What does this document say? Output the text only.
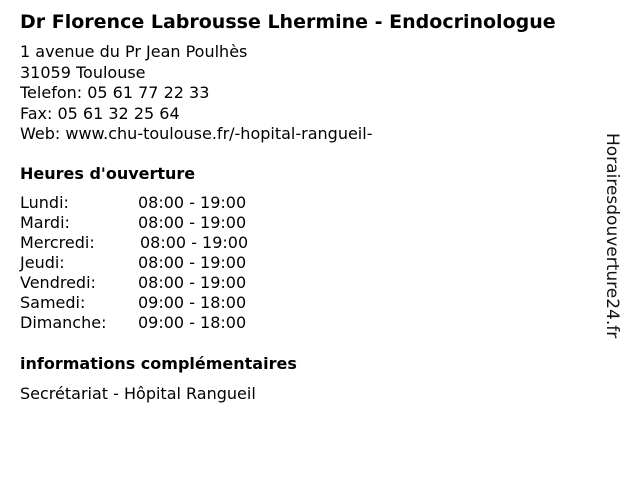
Dr Florence Labrousse Lhermine - Endocrinologue
1 avenue du Pr Jean Poulhès
31059 Toulouse
Telefon: 05 61 77 22 33
Fax: 05 61 32 25 64
Web: www.chu-toulouse.fr/-hopital-rangueil-
Heures d'ouverture
Lundi:	08:00 - 19:00
Mardi:	08:00 - 19:00
Mercredi:	08:00 - 19:00
Jeudi:	08:00 - 19:00
Vendredi:	08:00 - 19:00
Samedi:	09:00 - 18:00
Dimanche: 09:00 - 18:00
informations complémentaires
Secrétariat - Hôpital Rangueil
Horairesdouverture24.fr
